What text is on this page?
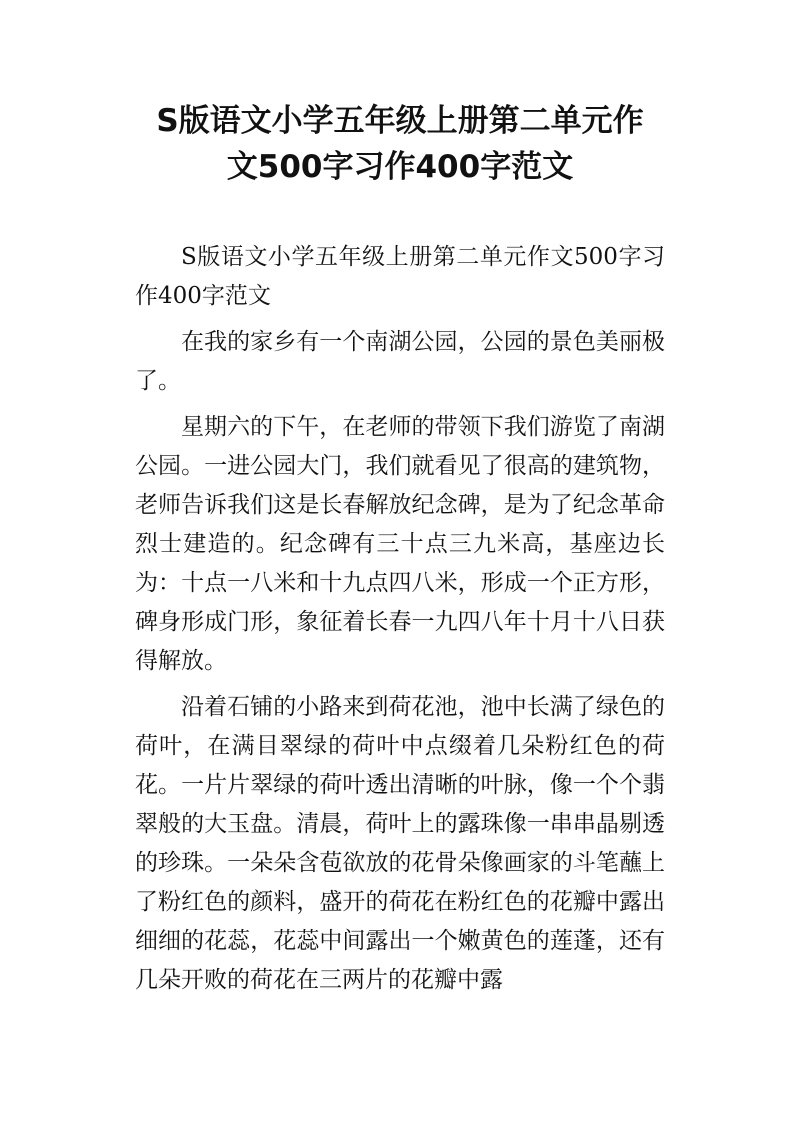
S版语文小学五年级上册第二单元作
文500字习作400字范文

S版语文小学五年级上册第二单元作文500字习作400字范文

在我的家乡有一个南湖公园，公园的景色美丽极了。

星期六的下午，在老师的带领下我们游览了南湖公园。一进公园大门，我们就看见了很高的建筑物，老师告诉我们这是长春解放纪念碑，是为了纪念革命烈士建造的。纪念碑有三十点三九米高，基座边长为：十点一八米和十九点四八米，形成一个正方形，碑身形成门形，象征着长春一九四八年十月十八日获得解放。

沿着石铺的小路来到荷花池，池中长满了绿色的荷叶，在满目翠绿的荷叶中点缀着几朵粉红色的荷花。一片片翠绿的荷叶透出清晰的叶脉，像一个个翡翠般的大玉盘。清晨，荷叶上的露珠像一串串晶剔透的珍珠。一朵朵含苞欲放的花骨朵像画家的斗笔蘸上了粉红色的颜料，盛开的荷花在粉红色的花瓣中露出细细的花蕊，花蕊中间露出一个嫩黄色的莲蓬，还有几朵开败的荷花在三两片的花瓣中露
